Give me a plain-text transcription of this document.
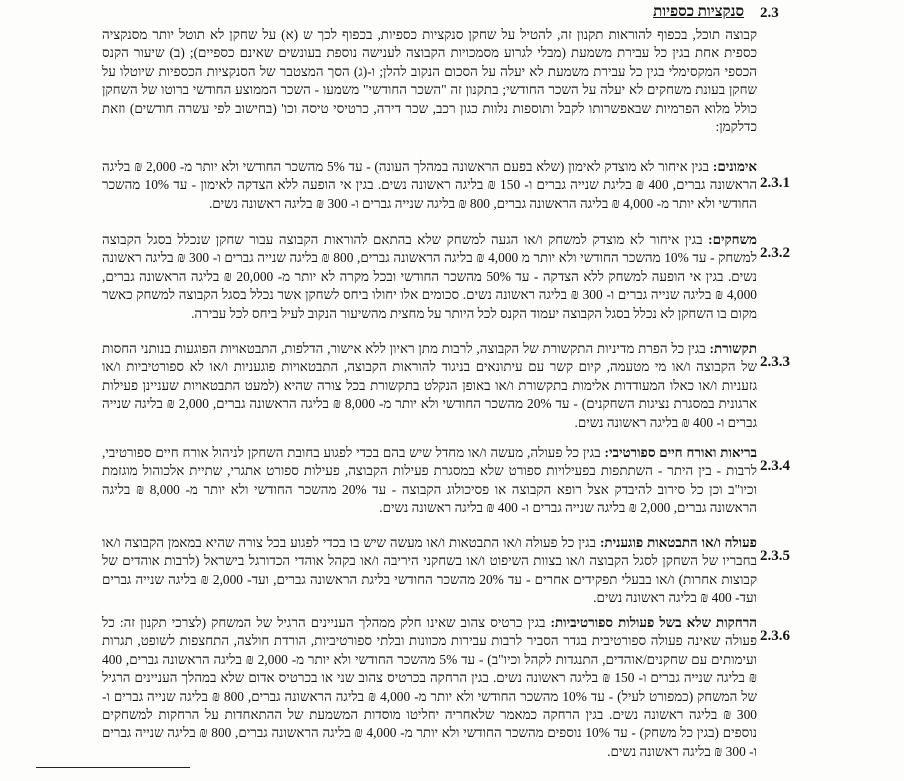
2.3
סנקציות כספיות

קבוצה תוכל, בכפוף להוראות תקנון זה, להטיל על שחקן סנקציות כספיות, בכפוף לכך ש (א) על שחקן לא תוטל יותר מסנקציה כספית אחת בגין כל עבירת משמעת (מבלי לגרוע מסמכויות הקבוצה לענישה נוספת בעונשים שאינם כספיים); (ב) שיעור הקנס הכספי המקסימלי בגין כל עבירת משמעת לא יעלה על הסכום הנקוב להלן; ו-(ג) הסך המצטבר של הסנקציות הכספיות שיוטלו על שחקן בעונת משחקים לא יעלה על השכר החודשי; בתקנון זה "השכר החודשי" משמעו - השכר הממוצע החודשי ברוטו של השחקן כולל מלוא הפרמיות שבאפשרותו לקבל ותוספות נלוות כגון רכב, שכר דירה, כרטיסי טיסה וכו' (בחישוב לפי עשרה חודשים) וזאת כדלקמן:

2.3.1

אימונים: בגין איחור לא מוצדק לאימון (שלא בפעם הראשונה במהלך העונה) - עד 5% מהשכר החודשי ולא יותר מ- 2,000 ₪ בליגה הראשונה גברים, 400 ₪ בליגת שנייה גברים ו- 150 ₪ בליגה ראשונה נשים. בגין אי הופעה ללא הצדקה לאימון - עד 10% מהשכר החודשי ולא יותר מ- 4,000 ₪ בליגה הראשונה גברים, 800 ₪ בליגה שנייה גברים ו- 300 ₪ בליגה ראשונה נשים.

2.3.2

משחקים: בגין איחור לא מוצדק למשחק ו/או הגעה למשחק שלא בהתאם להוראות הקבוצה עבור שחקן שנכלל בסגל הקבוצה למשחק - עד 10% מהשכר החודשי ולא יותר מ 4,000 ₪ בליגה הראשונה גברים, 800 ₪ בליגה שנייה גברים ו- 300 ₪ בליגה ראשונה נשים. בגין אי הופעה למשחק ללא הצדקה - עד 50% מהשכר החודשי ובכל מקרה לא יותר מ- 20,000 ₪ בליגה הראשונה גברים, 4,000 ₪ בליגה שנייה גברים ו- 300 ₪ בליגה ראשונה נשים. סכומים אלו יחולו ביחס לשחקן אשר נכלל בסגל הקבוצה למשחק כאשר מקום בו השחקן לא נכלל בסגל הקבוצה יעמוד הקנס לכל היותר על מחצית מהשיעור הנקוב לעיל ביחס לכל עבירה.

2.3.3

תקשורת: בגין כל הפרת מדיניות התקשורת של הקבוצה, לרבות מתן ראיון ללא אישור, הדלפות, התבטאויות הפוגעות בנותני החסות של הקבוצה ו/או מי מטעמה, קיום קשר עם עיתונאים בניגוד להוראות הקבוצה, התבטאויות פוגעניות ו/או לא ספורטיביות ו/או גזעניות ו/או כאלו המעודדות אלימות בתקשורת ו/או באופן הנקלט בתקשורת בכל צורה שהיא (למעט התבטאויות שעניינן פעילות ארגונית במסגרת נציגות השחקנים) - עד 20% מהשכר החודשי ולא יותר מ- 8,000 ₪ בליגה הראשונה גברים, 2,000 ₪ בליגה שנייה גברים ו- 400 ₪ בליגה ראשונה נשים.

2.3.4

בריאות ואורח חיים ספורטיבי: בגין כל פעולה, מעשה ו/או מחדל שיש בהם בכדי לפגוע בחובת השחקן לניהול אורח חיים ספורטיבי, לרבות - בין היתר - השתתפות בפעילויות ספורט שלא במסגרת פעילות הקבוצה, פעילות ספורט אתגרי, שתיית אלכוהול מוגזמת וכיו"ב וכן כל סירוב להיבדק אצל רופא הקבוצה או פסיכולוג הקבוצה - עד 20% מהשכר החודשי ולא יותר מ- 8,000 ₪ בליגה הראשונה גברים, 2,000 ₪ בליגה שנייה גברים ו- 400 ₪ בליגה ראשונה נשים.

2.3.5

פעולה ו/או התבטאות פוגענית: בגין כל פעולה ו/או התבטאות ו/או מעשה שיש בו בכדי לפגוע בכל צורה שהיא במאמן הקבוצה ו/או בחבריו של השחקן לסגל הקבוצה ו/או בצוות השיפוט ו/או בשחקני היריבה ו/או בקהל אוהדי הכדורגל בישראל (לרבות אוהדים של קבוצות אחרות) ו/או בבעלי תפקידים אחרים - עד 20% מהשכר החודשי בליגת הראשונה גברים, ועד- 2,000 ₪ בליגה שנייה גברים ועד- 400 ₪ בליגה ראשונה נשים.

2.3.6

הרחקות שלא בשל פעולות ספורטיביות: בגין כרטיס צהוב שאינו חלק ממהלך העניינים הרגיל של המשחק (לצרכי תקנון זה: כל פעולה שאינה פעולה ספורטיבית בגדר הסביר לרבות עבירות מכוונות ובלתי ספורטיביות, הורדת חולצה, התחצפות לשופט, תגרות ועימותים עם שחקנים/אוהדים, התנגדות לקהל וכיו"ב) - עד 5% מהשכר החודשי ולא יותר מ- 2,000 ₪ בליגה הראשונה גברים, 400 ₪ בליגה שנייה גברים ו- 150 ₪ בליגה ראשונה נשים. בגין הרחקה בכרטיס צהוב שני או בכרטיס אדום שלא במהלך העניינים הרגיל של המשחק (כמפורט לעיל) - עד 10% מהשכר החודשי ולא יותר מ- 4,000 ₪ בליגה הראשונה גברים, 800 ₪ בליגה שנייה גברים ו- 300 ₪ בליגה ראשונה נשים. בגין הרחקה כמאמר שלאחריה יחליטו מוסדות המשמעת של ההתאחדות על הרחקות למשחקים נוספים (בגין כל משחק) - עד 10% נוספים מהשכר החודשי ולא יותר מ- 4,000 ₪ בליגה הראשונה גברים, 800 ₪ בליגה שנייה גברים ו- 300 ₪ בליגה ראשונה נשים.
